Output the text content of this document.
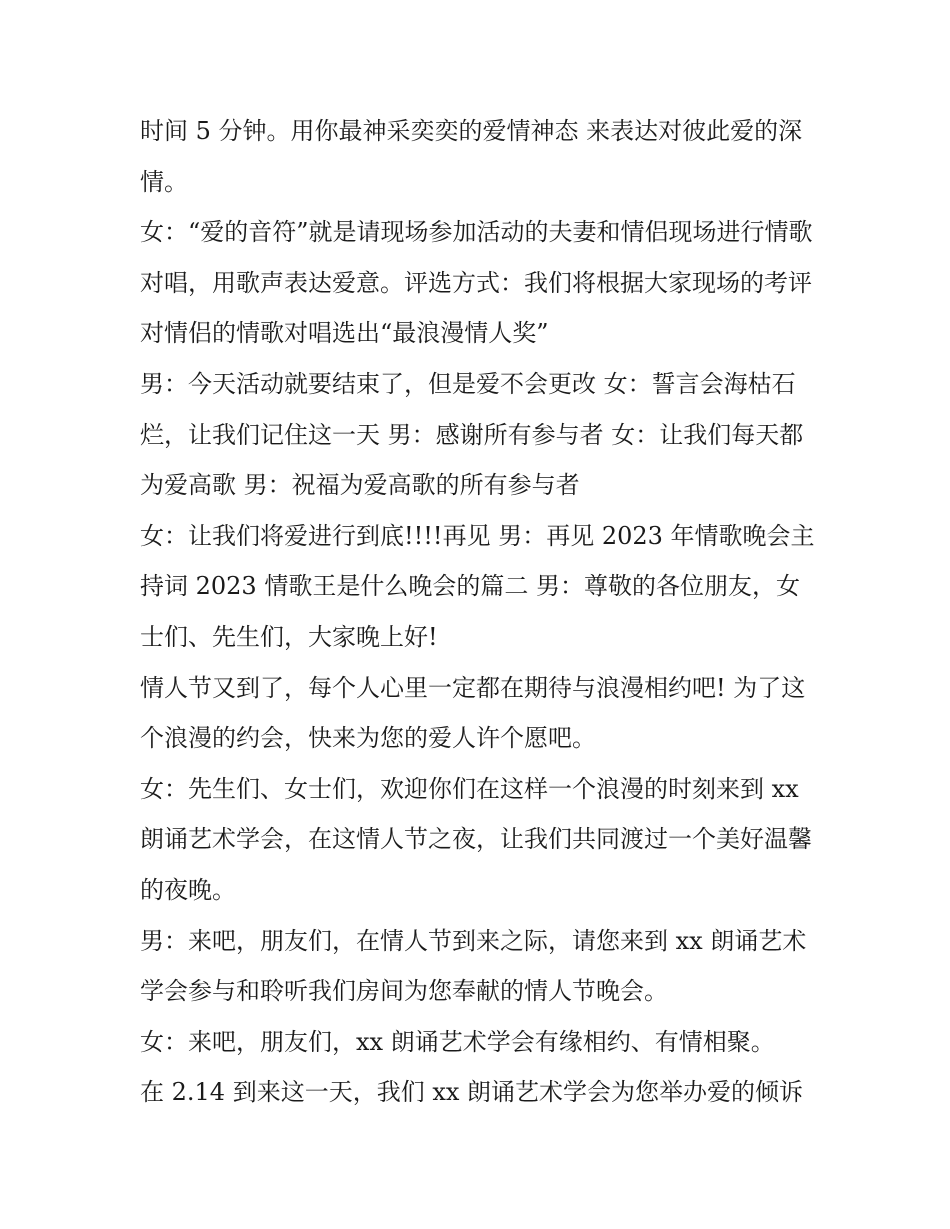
时间 5 分钟。用你最神采奕奕的爱情神态 来表达对彼此爱的深情。

女：“爱的音符”就是请现场参加活动的夫妻和情侣现场进行情歌对唱，用歌声表达爱意。评选方式：我们将根据大家现场的考评对情侣的情歌对唱选出“最浪漫情人奖”

男：今天活动就要结束了，但是爱不会更改 女：誓言会海枯石烂，让我们记住这一天 男：感谢所有参与者 女：让我们每天都为爱高歌 男：祝福为爱高歌的所有参与者

女：让我们将爱进行到底!!!!再见 男：再见 2023 年情歌晚会主持词 2023 情歌王是什么晚会的篇二 男：尊敬的各位朋友，女士们、先生们，大家晚上好!

情人节又到了，每个人心里一定都在期待与浪漫相约吧! 为了这个浪漫的约会，快来为您的爱人许个愿吧。

女：先生们、女士们，欢迎你们在这样一个浪漫的时刻来到 xx 朗诵艺术学会，在这情人节之夜，让我们共同渡过一个美好温馨的夜晚。

男：来吧，朋友们，在情人节到来之际，请您来到 xx 朗诵艺术学会参与和聆听我们房间为您奉献的情人节晚会。

女：来吧，朋友们，xx 朗诵艺术学会有缘相约、有情相聚。

在 2.14 到来这一天，我们 xx 朗诵艺术学会为您举办爱的倾诉
